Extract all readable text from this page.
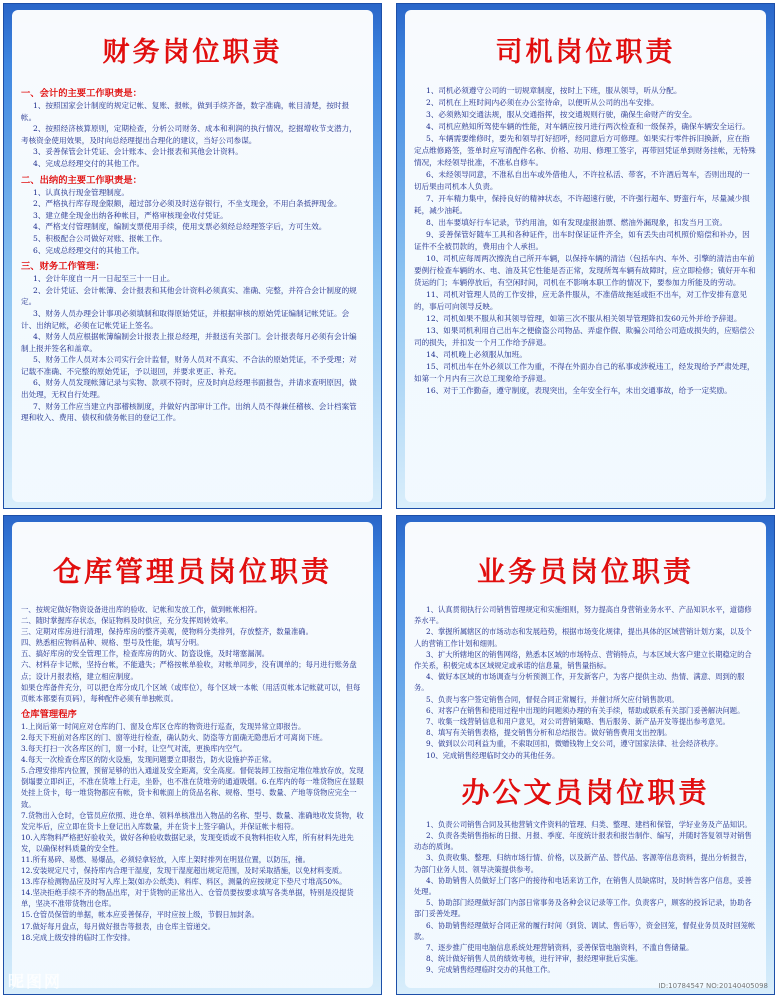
财务岗位职责
一、会计的主要工作职责是：
1、按照国家会计制度的规定记帐、复账、报帐，做到手续齐备，数字准确，帐目清楚，按时报帐。
2、按照经济核算原则，定期检查，分析公司财务、成本和利润的执行情况，挖掘增收节支潜力，考核资金使用效果，及时向总经理提出合理化的建议，当好公司参谋。
3、妥善保管会计凭证、会计账本、会计报表和其他会计资料。
4、完成总经理交付的其他工作。
二、出纳的主要工作职责是：
1、认真执行现金管理制度。
2、严格执行库存现金限额，超过部分必须及时送存银行，不坐支现金，不用白条抵押现金。
3、建立健全现金出纳各种帐目，严格审核现金收付凭证。
4、严格支付管理制度，编制支票使用手续，使用支票必须经总经理签字后，方可生效。
5、积极配合公司做好对账、报帐工作。
6、完成总经理交付的其他工作。
三、财务工作管理：
1、会计年度自一月一日起至三十一日止。
2、会计凭证、会计帐簿、会计报表和其他会计资料必须真实、准确、完整，并符合会计制度的规定。
3、财务人员办理会计事项必须填制和取得原始凭证，并根据审核的原始凭证编制记帐凭证。会计、出纳记帐，必须在记帐凭证上签名。
4、财务人员应根据帐簿编制会计报表上报总经理，并报送有关部门。会计报表每月必须有会计编制上报并签名和盖章。
5、财务工作人员对本公司实行会计监督，财务人员对不真实、不合法的原始凭证，不予受理；对记载不准确、不完整的原始凭证，予以退回，并要求更正、补充。
6、财务人员发现帐簿记录与实物、款项不符时，应及时向总经理书面报告，并请求查明原因，做出处理，无权自行处理。
7、财务工作应当建立内部稽核制度，并做好内部审计工作。出纳人员不得兼任稽核、会计档案管理和收入、费用、债权和债务帐目的登记工作。
司机岗位职责
1、司机必须遵守公司的一切规章制度，按时上下班，服从领导，听从分配。
2、司机在上班时间内必须在办公室待命，以便听从公司的出车安排。
3、必须熟知交通法规，服从交通指挥，按交通规则行驶，确保生命财产的安全。
4、司机应熟知所驾使车辆的性能，对车辆应按月进行两次检查和一级保养，确保车辆安全运行。
5、车辆需要维修时，要先和领导打好招呼，经同意后方可修理。如果实行零件拆旧换新，应在指定点维修路签，签单时应写清配件名称、价格、功用、修理工签字，再带回凭证单到财务挂帐，无特殊情况，未经领导批准，不准私自修车。
6、未经领导同意，不准私自出车或外借他人，不许拉私活、带客，不许酒后驾车，否则出现的一切后果由司机本人负责。
7、开车精力集中，保持良好的精神状态，不许超速行驶，不许强行超车、野蛮行车，尽量减少损耗，减少油耗。
8、出车要填好行车记录，节约用油，如有发现虚报油票、燃油外漏现象，扣发当月工资。
9、妥善保管好随车工具和各种证件，出车时保证证件齐全，如有丢失由司机照价赔偿和补办，因证件不全被罚款的，费用由个人承担。
10、司机应每周两次擦洗自己所开车辆，以保持车辆的清洁（包括车内、车外、引擎的清洁由车前要例行检查车辆的水、电、油及其它性能是否正常，发现所驾车辆有故障时，应立即检修；镇好开车和货运的门；车辆停放后，有空闲时间，司机在不影响本职工作的情况下，要参加力所能及的劳动。
11、司机对管理人员的工作安排，应无条件服从，不准借故拖延或拒不出车，对工作安排有意见的，事后可向领导反映。
12、司机如果不服从和其领导管理，如第三次不服从相关领导管理降扣发60元外并给予辞退。
13、如果司机利用自己出车之便偷盗公司物品、弄虚作假、欺骗公司给公司造成损失的，应赔偿公司的损失，并扣发一个月工作给予辞退。
14、司机晚上必须服从加班。
15、司机出车在外必须以工作为重，不得在外面办自己的私事或涉税违工，经发现给予严肃处理，如第一个月内有三次总工现象给予辞退。
16、对于工作勤奋，遵守制度，表现突出，全年安全行车，未出交通事故，给予一定奖励。
仓库管理员岗位职责
一、按规定做好物资设备进出库的验收、记帐和发放工作，做到帐帐相符。
二、随时掌握库存状态，保证物料及时供应，充分发挥周转效率。
三、定期对库房进行清理，保持库房的整齐美观，使物料分类排列，存放整齐，数量准确。
四、熟悉相应物料品种、规格、型号及性能，填写分明。
五、搞好库房的安全管理工作，检查库房的防火、防盗设施，及时堵塞漏洞。
六、材料存卡记帐，坚持台帐，不能遗失；严格按帐单验收，对帐单同步，没有调单的；每月进行账务盘点；设计月报表格，建立相应制度。
如果仓库备件充分，可以把仓库分成几个区域（或库位），每个区域一本帐（用活页帐本记帐就可以，但每页帐本都要有页码），每种配件必须有单独帐页。
仓库管理程序
1.上岗后第一时间应对仓库的门、窗及仓库区仓库的物资进行巡查，发现异常立即报告。
2.每天下班前对各库区的门、窗等进行检查，确认防火、防盗等方面确无隐患后才可离岗下班。
3.每天打扫一次各库区的门，窗一小时，让空气对流，更换库内空气。
4.每天一次检查仓库区的防火设施，发现问题要立即报告，防火设施护养正常。
5.合理安排库内位置，预留足够的出入通道及安全距离，安全高度。督促装卸工按指定堆位堆放存放，发现倒塌要立即纠正，不准在货堆上行走，坐卧，也不准在货堆旁的通道吸烟。6.在库内的每一堆货物应在显眼处挂上货卡，每一堆货物都应有帐，货卡和帐面上的货品名称、规格、型号、数量、产地等货物应完全一致。
7.货物出入仓时，仓管员应依照、进仓单、领料单核准出入物品的名称、型号、数量、准确地收发货物，收发完毕后，应立即在货卡上登记出入库数量，并在货卡上签字确认，并保证帐卡相符。
10.入库物料严格把好验收关，做好各种验收数据记录，发现变质或不良物料拒收入库，所有材料先进先发，以确保材料质量的安全性。
11.所有易碎、易燃、易爆品，必须轻拿轻放，入库上架时排列在明显位置，以防压，撞。
12.安装规定尺寸，保持库内合理干湿度，发现干湿度超出规定范围，及时采取措施，以免材料变质。
13.库存检测物品应及时写入库上架(如办公纸类)、料库、料区，测量的应按规定下垫尺寸堆高50%。
14.坚决拒绝手续不齐的物品出库，对于货物的正常出入、仓管员要按要求填写各类单据，特别是没提货单，坚决不准带货物出仓库。
15.仓管员保管的单据，帐本应妥善保存，平时应按上级，节假日加封条。
17.做好每月盘点，每月做好报告等报表，由仓库主管递交。
18.完成上级安排的临时工作安排。
昵图网
业务员岗位职责
1、认真贯彻执行公司销售管理规定和实施细则，努力提高自身营销业务水平、产品知识水平，道德修养水平。
2、掌握所属辖区的市场动态和发展趋势，根据市场变化规律，提出具体的区域营销计划方案，以及个人的营销工作计划和细则。
3、扩大所辖地区的销售网络，熟悉本区域的市场特点、营销特点，与本区域大客户建立长期稳定的合作关系，积极完成本区域规定或承诺的信息量，销售量指标。
4、做好本区域的市场调查与分析预测工作，开发新客户，为客户提供主动、热情、满意、周到的服务。
5、负责与客户签定销售合同，督促合同正常履行，并催讨所欠应付销售款项。
6、对客户在销售和使用过程中出现的问题须办理的有关手续，帮助或联系有关部门妥善解决问题。
7、收集一线营销信息和用户意见，对公司营销策略、售后服务、新产品开发等提出参考意见。
8、填写有关销售表格，提交销售分析和总结报告。做好销售费用支出控制。
9、做到以公司利益为重，不索取回扣，微赠钱物上交公司，遵守国家法律、社会经济秩序。
10、完成销售经理临时交办的其他任务。
办公文员岗位职责
1、负责公司销售合同及其他营销文件资料的管理、归类、整理、建档和保管，学好业务及产品知识。
2、负责各类销售指标的日报、月报、季度、年度统计报表和报告制作、编写，并随时答复领导对销售动态的质询。
3、负责收集、整理、归纳市场行情、价格，以及新产品、替代品、客源等信息资料，提出分析报告，为部门业务人员、领导决策提供参考。
4、协助销售人员做好上门客户的接待和电话来访工作，在销售人员缺席时，及时转告客户信息，妥善处理。
5、协助部门经理做好部门内部日常事务及各种会议记录等工作。负责客户，顾客的投诉记录，协助各部门妥善处理。
6、协助销售经理做好合同正常的履行时间（到货、调试、售后等），资金回笼，督促业务员及时回笼帐款。
7、逐步推广使用电脑信息系统处理营销资料，妥善保管电脑资料，不滥自售储量。
8、统计做好销售人员的绩效考核，进行评审，报经理审批后实施。
9、完成销售经理临时交办的其他工作。
ID:10784547 NO:20140405098
